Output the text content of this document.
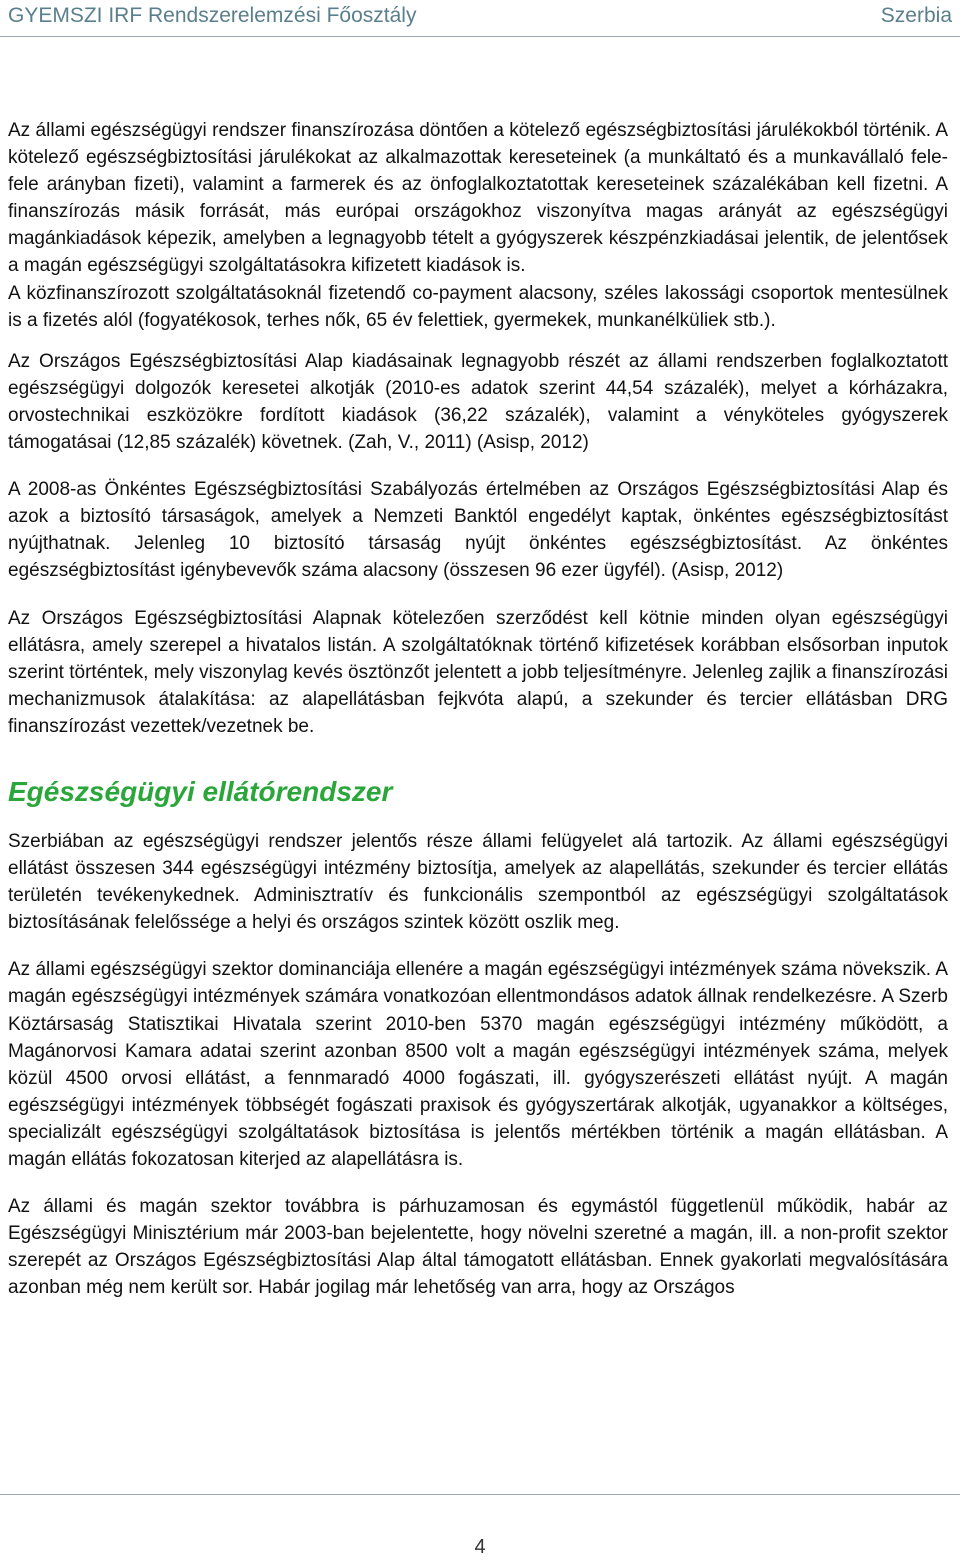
GYEMSZI IRF Rendszerelemzési Főosztály	Szerbia

Az állami egészségügyi rendszer finanszírozása döntően a kötelező egészségbiztosítási járulékokból történik. A kötelező egészségbiztosítási járulékokat az alkalmazottak kereseteinek (a munkáltató és a munkavállaló fele-fele arányban fizeti), valamint a farmerek és az önfoglalkoztatottak kereseteinek százalékában kell fizetni. A finanszírozás másik forrását, más európai országokhoz viszonyítva magas arányát az egészségügyi magánkiadások képezik, amelyben a legnagyobb tételt a gyógyszerek készpénzkiadásai jelentik, de jelentősek a magán egészségügyi szolgáltatásokra kifizetett kiadások is.
A közfinanszírozott szolgáltatásoknál fizetendő co-payment alacsony, széles lakossági csoportok mentesülnek is a fizetés alól (fogyatékosok, terhes nők, 65 év felettiek, gyermekek, munkanélküliek stb.).

Az Országos Egészségbiztosítási Alap kiadásainak legnagyobb részét az állami rendszerben foglalkoztatott egészségügyi dolgozók keresetei alkotják (2010-es adatok szerint 44,54 százalék), melyet a kórházakra, orvostechnikai eszközökre fordított kiadások (36,22 százalék), valamint a vényköteles gyógyszerek támogatásai (12,85 százalék) követnek. (Zah, V., 2011) (Asisp, 2012)

A 2008-as Önkéntes Egészségbiztosítási Szabályozás értelmében az Országos Egészségbiztosítási Alap és azok a biztosító társaságok, amelyek a Nemzeti Banktól engedélyt kaptak, önkéntes egészségbiztosítást nyújthatnak. Jelenleg 10 biztosító társaság nyújt önkéntes egészségbiztosítást. Az önkéntes egészségbiztosítást igénybevevők száma alacsony (összesen 96 ezer ügyfél). (Asisp, 2012)

Az Országos Egészségbiztosítási Alapnak kötelezően szerződést kell kötnie minden olyan egészségügyi ellátásra, amely szerepel a hivatalos listán. A szolgáltatóknak történő kifizetések korábban elsősorban inputok szerint történtek, mely viszonylag kevés ösztönzőt jelentett a jobb teljesítményre. Jelenleg zajlik a finanszírozási mechanizmusok átalakítása: az alapellátásban fejkvóta alapú, a szekunder és tercier ellátásban DRG finanszírozást vezettek/vezetnek be.

Egészségügyi ellátórendszer

Szerbiában az egészségügyi rendszer jelentős része állami felügyelet alá tartozik. Az állami egészségügyi ellátást összesen 344 egészségügyi intézmény biztosítja, amelyek az alapellátás, szekunder és tercier ellátás területén tevékenykednek. Adminisztratív és funkcionális szempontból az egészségügyi szolgáltatások biztosításának felelőssége a helyi és országos szintek között oszlik meg.

Az állami egészségügyi szektor dominanciája ellenére a magán egészségügyi intézmények száma növekszik. A magán egészségügyi intézmények számára vonatkozóan ellentmondásos adatok állnak rendelkezésre. A Szerb Köztársaság Statisztikai Hivatala szerint 2010-ben 5370 magán egészségügyi intézmény működött, a Magánorvosi Kamara adatai szerint azonban 8500 volt a magán egészségügyi intézmények száma, melyek közül 4500 orvosi ellátást, a fennmaradó 4000 fogászati, ill. gyógyszerészeti ellátást nyújt. A magán egészségügyi intézmények többségét fogászati praxisok és gyógyszertárak alkotják, ugyanakkor a költséges, specializált egészségügyi szolgáltatások biztosítása is jelentős mértékben történik a magán ellátásban. A magán ellátás fokozatosan kiterjed az alapellátásra is.

Az állami és magán szektor továbbra is párhuzamosan és egymástól függetlenül működik, habár az Egészségügyi Minisztérium már 2003-ban bejelentette, hogy növelni szeretné a magán, ill. a non-profit szektor szerepét az Országos Egészségbiztosítási Alap által támogatott ellátásban. Ennek gyakorlati megvalósítására azonban még nem került sor. Habár jogilag már lehetőség van arra, hogy az Országos

4
